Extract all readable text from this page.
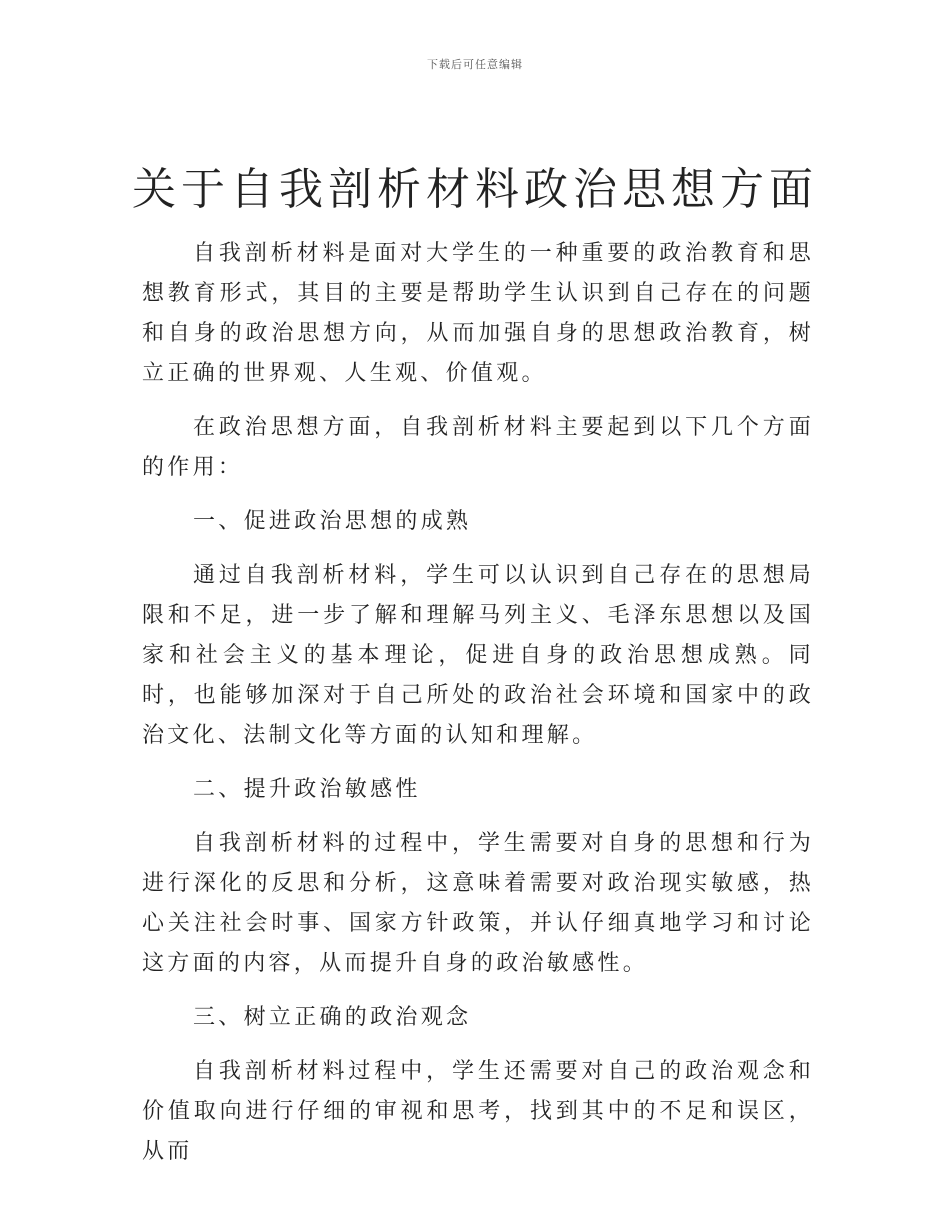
下载后可任意编辑
关于自我剖析材料政治思想方面

自我剖析材料是面对大学生的一种重要的政治教育和思想教育形式，其目的主要是帮助学生认识到自己存在的问题和自身的政治思想方向，从而加强自身的思想政治教育，树立正确的世界观、人生观、价值观。

在政治思想方面，自我剖析材料主要起到以下几个方面的作用：

一、促进政治思想的成熟

通过自我剖析材料，学生可以认识到自己存在的思想局限和不足，进一步了解和理解马列主义、毛泽东思想以及国家和社会主义的基本理论，促进自身的政治思想成熟。同时，也能够加深对于自己所处的政治社会环境和国家中的政治文化、法制文化等方面的认知和理解。

二、提升政治敏感性

自我剖析材料的过程中，学生需要对自身的思想和行为进行深化的反思和分析，这意味着需要对政治现实敏感，热心关注社会时事、国家方针政策，并认仔细真地学习和讨论这方面的内容，从而提升自身的政治敏感性。

三、树立正确的政治观念

自我剖析材料过程中，学生还需要对自己的政治观念和价值取向进行仔细的审视和思考，找到其中的不足和误区，从而
